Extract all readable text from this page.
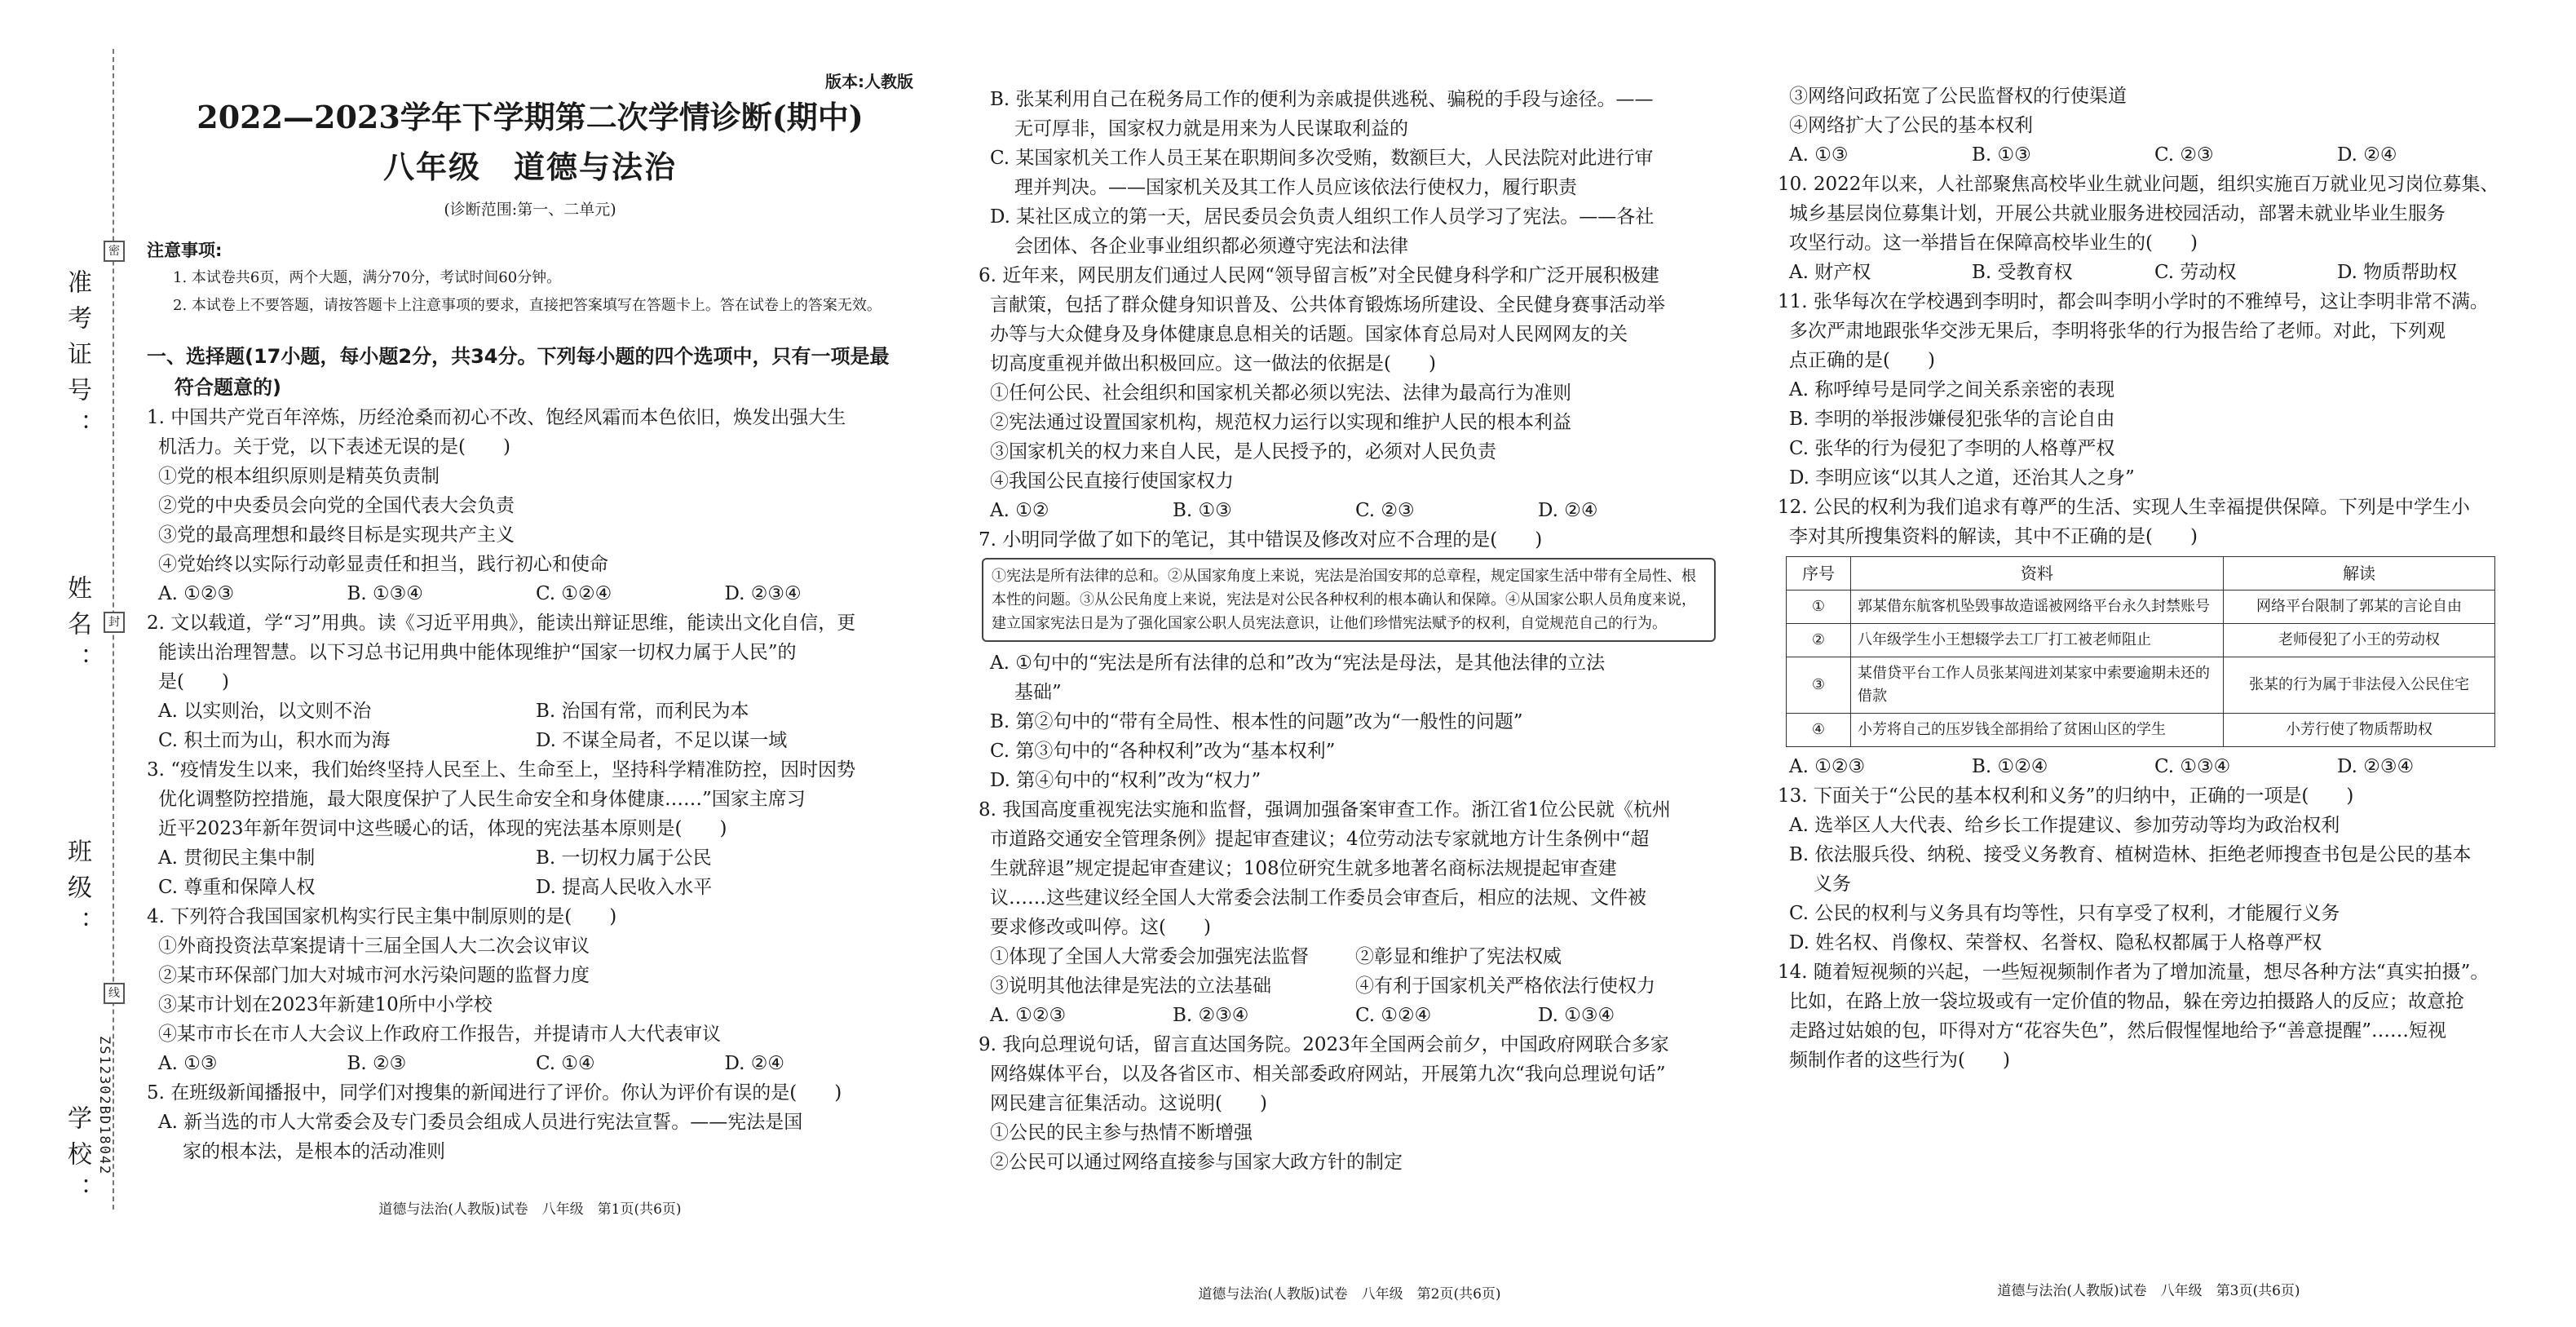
准考证号：
姓名：
班级：
学校：
密
封
线
ZS12302BD18042
版本:人教版
2022—2023学年下学期第二次学情诊断(期中)
八年级　道德与法治
(诊断范围:第一、二单元)
注意事项:

1. 本试卷共6页，两个大题，满分70分，考试时间60分钟。

2. 本试卷上不要答题，请按答题卡上注意事项的要求，直接把答案填写在答题卡上。答在试卷上的答案无效。

一、选择题(17小题，每小题2分，共34分。下列每小题的四个选项中，只有一项是最
符合题意的)

1. 中国共产党百年淬炼，历经沧桑而初心不改、饱经风霜而本色依旧，焕发出强大生

机活力。关于党，以下表述无误的是(　　)

①党的根本组织原则是精英负责制

②党的中央委员会向党的全国代表大会负责

③党的最高理想和最终目标是实现共产主义

④党始终以实际行动彰显责任和担当，践行初心和使命

A. ①②③	B. ①③④	C. ①②④	D. ②③④

2. 文以载道，学“习”用典。读《习近平用典》，能读出辩证思维，能读出文化自信，更

能读出治理智慧。以下习总书记用典中能体现维护“国家一切权力属于人民”的

是(　　)

A. 以实则治，以文则不治	B. 治国有常，而利民为本
C. 积土而为山，积水而为海	D. 不谋全局者，不足以谋一域

3. “疫情发生以来，我们始终坚持人民至上、生命至上，坚持科学精准防控，因时因势

优化调整防控措施，最大限度保护了人民生命安全和身体健康……”国家主席习

近平2023年新年贺词中这些暖心的话，体现的宪法基本原则是(　　)

A. 贯彻民主集中制	B. 一切权力属于公民
C. 尊重和保障人权	D. 提高人民收入水平

4. 下列符合我国国家机构实行民主集中制原则的是(　　)

①外商投资法草案提请十三届全国人大二次会议审议

②某市环保部门加大对城市河水污染问题的监督力度

③某市计划在2023年新建10所中小学校

④某市市长在市人大会议上作政府工作报告，并提请市人大代表审议

A. ①③	B. ②③	C. ①④	D. ②④

5. 在班级新闻播报中，同学们对搜集的新闻进行了评价。你认为评价有误的是(　　)

A. 新当选的市人大常委会及专门委员会组成人员进行宪法宣誓。——宪法是国

家的根本法，是根本的活动准则

道德与法治(人教版)试卷　八年级　第1页(共6页)

B. 张某利用自己在税务局工作的便利为亲戚提供逃税、骗税的手段与途径。——

无可厚非，国家权力就是用来为人民谋取利益的

C. 某国家机关工作人员王某在职期间多次受贿，数额巨大，人民法院对此进行审

理并判决。——国家机关及其工作人员应该依法行使权力，履行职责

D. 某社区成立的第一天，居民委员会负责人组织工作人员学习了宪法。——各社

会团体、各企业事业组织都必须遵守宪法和法律

6. 近年来，网民朋友们通过人民网“领导留言板”对全民健身科学和广泛开展积极建

言献策，包括了群众健身知识普及、公共体育锻炼场所建设、全民健身赛事活动举

办等与大众健身及身体健康息息相关的话题。国家体育总局对人民网网友的关

切高度重视并做出积极回应。这一做法的依据是(　　)

①任何公民、社会组织和国家机关都必须以宪法、法律为最高行为准则

②宪法通过设置国家机构，规范权力运行以实现和维护人民的根本利益

③国家机关的权力来自人民，是人民授予的，必须对人民负责

④我国公民直接行使国家权力

A. ①②	B. ①③	C. ②③	D. ②④

7. 小明同学做了如下的笔记，其中错误及修改对应不合理的是(　　)

①宪法是所有法律的总和。②从国家角度上来说，宪法是治国安邦的总章程，规定国家生活中带有全局性、根本性的问题。③从公民角度上来说，宪法是对公民各种权利的根本确认和保障。④从国家公职人员角度来说，建立国家宪法日是为了强化国家公职人员宪法意识，让他们珍惜宪法赋予的权利，自觉规范自己的行为。

A. ①句中的“宪法是所有法律的总和”改为“宪法是母法，是其他法律的立法

基础”

B. 第②句中的“带有全局性、根本性的问题”改为“一般性的问题”

C. 第③句中的“各种权利”改为“基本权利”

D. 第④句中的“权利”改为“权力”

8. 我国高度重视宪法实施和监督，强调加强备案审查工作。浙江省1位公民就《杭州

市道路交通安全管理条例》提起审查建议；4位劳动法专家就地方计生条例中“超

生就辞退”规定提起审查建议；108位研究生就多地著名商标法规提起审查建

议……这些建议经全国人大常委会法制工作委员会审查后，相应的法规、文件被

要求修改或叫停。这(　　)

①体现了全国人大常委会加强宪法监督	②彰显和维护了宪法权威
③说明其他法律是宪法的立法基础	④有利于国家机关严格依法行使权力
A. ①②③	B. ②③④	C. ①②④	D. ①③④

9. 我向总理说句话，留言直达国务院。2023年全国两会前夕，中国政府网联合多家

网络媒体平台，以及各省区市、相关部委政府网站，开展第九次“我向总理说句话”

网民建言征集活动。这说明(　　)

①公民的民主参与热情不断增强

②公民可以通过网络直接参与国家大政方针的制定

道德与法治(人教版)试卷　八年级　第2页(共6页)

③网络问政拓宽了公民监督权的行使渠道

④网络扩大了公民的基本权利

A. ①③	B. ①③	C. ②③	D. ②④

10. 2022年以来，人社部聚焦高校毕业生就业问题，组织实施百万就业见习岗位募集、

城乡基层岗位募集计划，开展公共就业服务进校园活动，部署未就业毕业生服务

攻坚行动。这一举措旨在保障高校毕业生的(　　)

A. 财产权	B. 受教育权	C. 劳动权	D. 物质帮助权

11. 张华每次在学校遇到李明时，都会叫李明小学时的不雅绰号，这让李明非常不满。

多次严肃地跟张华交涉无果后，李明将张华的行为报告给了老师。对此，下列观

点正确的是(　　)

A. 称呼绰号是同学之间关系亲密的表现

B. 李明的举报涉嫌侵犯张华的言论自由

C. 张华的行为侵犯了李明的人格尊严权

D. 李明应该“以其人之道，还治其人之身”

12. 公民的权利为我们追求有尊严的生活、实现人生幸福提供保障。下列是中学生小

李对其所搜集资料的解读，其中不正确的是(　　)

序号	资料	解读
①	郭某借东航客机坠毁事故造谣被网络平台永久封禁账号	网络平台限制了郭某的言论自由
②	八年级学生小王想辍学去工厂打工被老师阻止	老师侵犯了小王的劳动权
③	某借贷平台工作人员张某闯进刘某家中索要逾期未还的借款	张某的行为属于非法侵入公民住宅
④	小芳将自己的压岁钱全部捐给了贫困山区的学生	小芳行使了物质帮助权
A. ①②③	B. ①②④	C. ①③④	D. ②③④

13. 下面关于“公民的基本权利和义务”的归纳中，正确的一项是(　　)

A. 选举区人大代表、给乡长工作提建议、参加劳动等均为政治权利

B. 依法服兵役、纳税、接受义务教育、植树造林、拒绝老师搜查书包是公民的基本

义务

C. 公民的权利与义务具有均等性，只有享受了权利，才能履行义务

D. 姓名权、肖像权、荣誉权、名誉权、隐私权都属于人格尊严权

14. 随着短视频的兴起，一些短视频制作者为了增加流量，想尽各种方法“真实拍摄”。

比如，在路上放一袋垃圾或有一定价值的物品，躲在旁边拍摄路人的反应；故意抢

走路过姑娘的包，吓得对方“花容失色”，然后假惺惺地给予“善意提醒”……短视

频制作者的这些行为(　　)

道德与法治(人教版)试卷　八年级　第3页(共6页)
